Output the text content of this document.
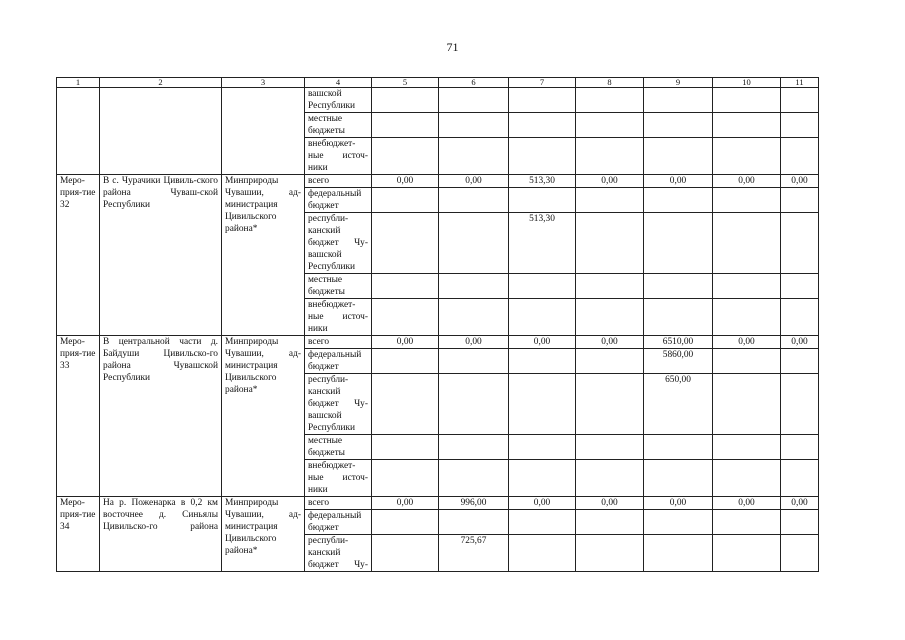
71
1	2	3	4	5	6	7	8	9	10	11
			вашской Республики							
			местные бюджеты							
			внебюджет-ные источ-ники							
Меро-прия-тие 32	В с. Чурачики Цивиль-ского района Чуваш-ской Республики	Минприроды Чувашии, ад-министрация Цивильского района*	всего	0,00	0,00	513,30	0,00	0,00	0,00	0,00
			федеральный бюджет							
			республи-канский бюджет Чу-вашской Республики			513,30				
			местные бюджеты							
			внебюджет-ные источ-ники							
Меро-прия-тие 33	В центральной части д. Байдуши Цивильско-го района Чувашской Республики	Минприроды Чувашии, ад-министрация Цивильского района*	всего	0,00	0,00	0,00	0,00	6510,00	0,00	0,00
			федеральный бюджет					5860,00		
			республи-канский бюджет Чу-вашской Республики					650,00		
			местные бюджеты							
			внебюджет-ные источ-ники							
Меро-прия-тие 34	На р. Поженарка в 0,2 км восточнее д. Синьялы Цивильско-го района	Минприроды Чувашии, ад-министрация Цивильского района*	всего	0,00	996,00	0,00	0,00	0,00	0,00	0,00
			федеральный бюджет							
			республи-канский бюджет Чу-		725,67					
